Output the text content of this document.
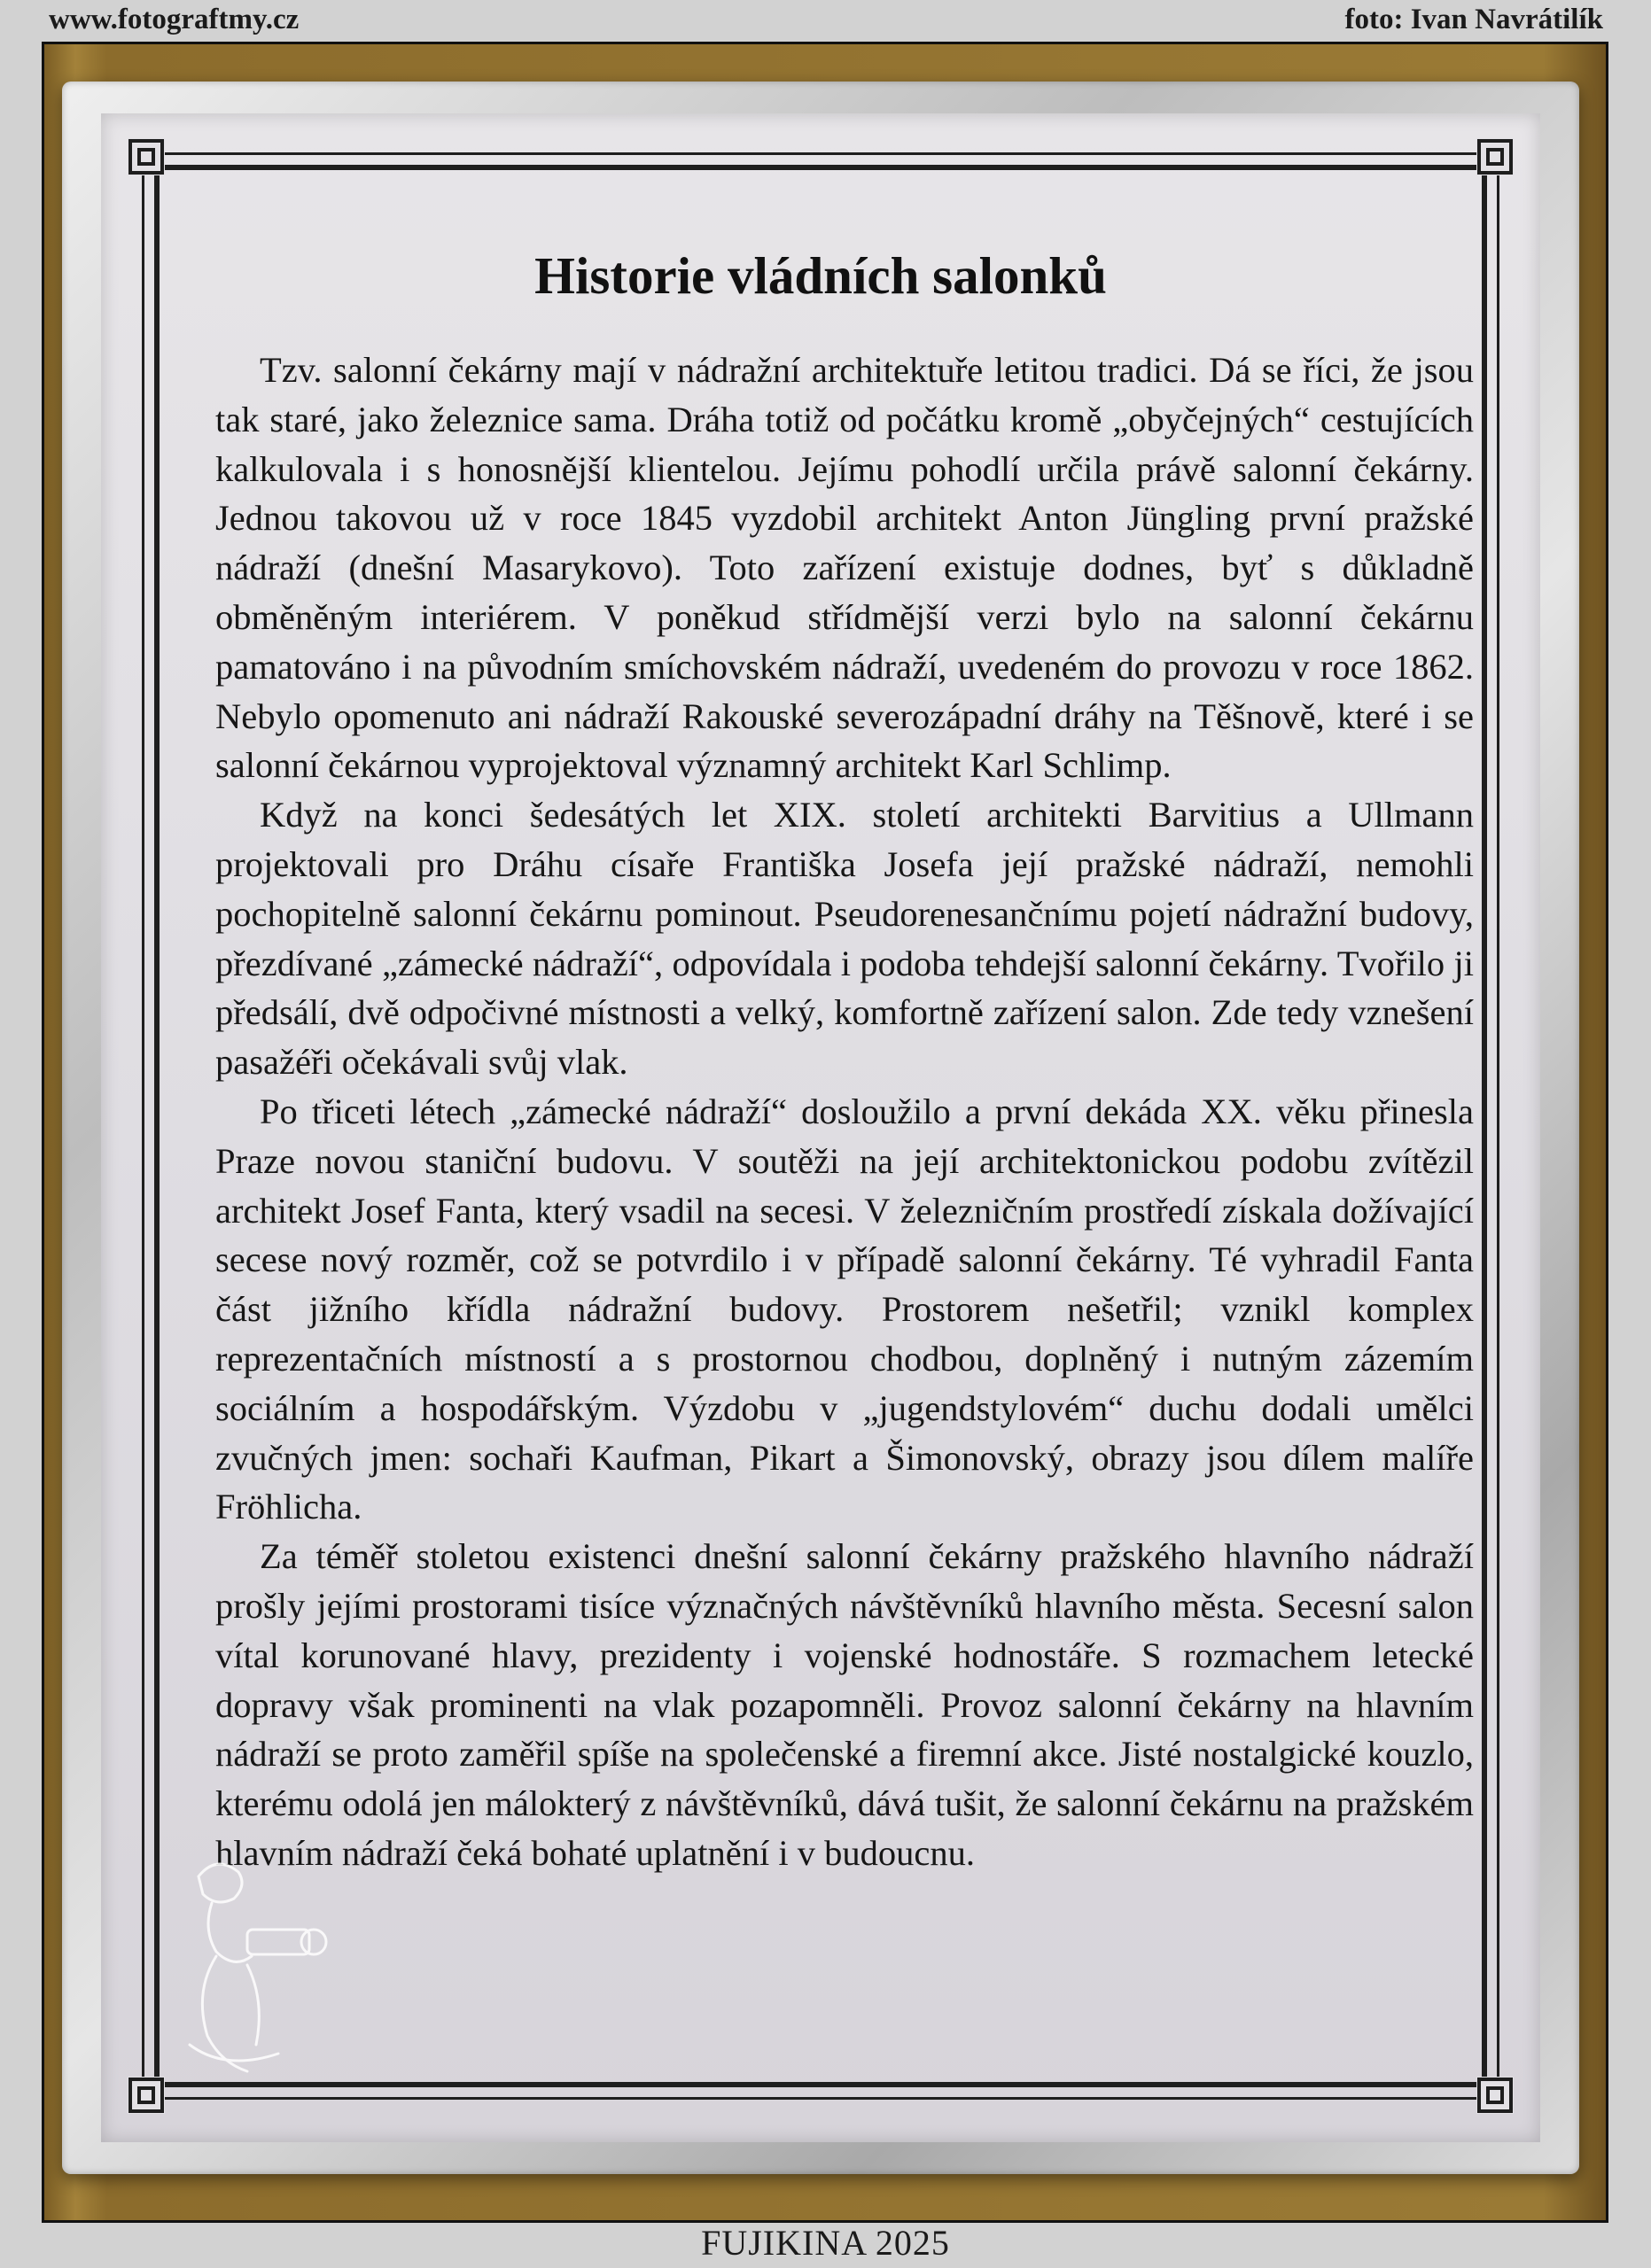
www.fotograftmy.cz	foto: Ivan Navrátilík
Historie vládních salonků

Tzv. salonní čekárny mají v nádražní architektuře letitou tradici. Dá se říci, že jsou tak staré, jako železnice sama. Dráha totiž od počátku kromě „obyčejných“ cestujících kalkulovala i s honosnější klientelou. Jejímu pohodlí určila právě salonní čekárny. Jednou takovou už v roce 1845 vyzdobil architekt Anton Jüngling první pražské nádraží (dnešní Masarykovo). Toto zařízení existuje dodnes, byť s důkladně obměněným interiérem. V poněkud střídmější verzi bylo na salonní čekárnu pamatováno i na původním smíchovském nádraží, uvedeném do provozu v roce 1862. Nebylo opomenuto ani nádraží Rakouské severozápadní dráhy na Těšnově, které i se salonní čekárnou vyprojektoval významný architekt Karl Schlimp.

Když na konci šedesátých let XIX. století architekti Barvitius a Ullmann projektovali pro Dráhu císaře Františka Josefa její pražské nádraží, nemohli pochopitelně salonní čekárnu pominout. Pseudorenesančnímu pojetí nádražní budovy, přezdívané „zámecké nádraží“, odpovídala i podoba tehdejší salonní čekárny. Tvořilo ji předsálí, dvě odpočivné místnosti a velký, komfortně zařízení salon. Zde tedy vznešení pasažéři očekávali svůj vlak.

Po třiceti létech „zámecké nádraží“ dosloužilo a první dekáda XX. věku přinesla Praze novou staniční budovu. V soutěži na její architektonickou podobu zvítězil architekt Josef Fanta, který vsadil na secesi. V železničním prostředí získala dožívající secese nový rozměr, což se potvrdilo i v případě salonní čekárny. Té vyhradil Fanta část jižního křídla nádražní budovy. Prostorem nešetřil; vznikl komplex reprezentačních místností a s prostornou chodbou, doplněný i nutným zázemím sociálním a hospodářským. Výzdobu v „jugendstylovém“ duchu dodali umělci zvučných jmen: sochaři Kaufman, Pikart a Šimonovský, obrazy jsou dílem malíře Fröhlicha.

Za téměř stoletou existenci dnešní salonní čekárny pražského hlavního nádraží prošly jejími prostorami tisíce význačných návštěvníků hlavního města. Secesní salon vítal korunované hlavy, prezidenty i vojenské hodnostáře. S rozmachem letecké dopravy však prominenti na vlak pozapomněli. Provoz salonní čekárny na hlavním nádraží se proto zaměřil spíše na společenské a firemní akce. Jisté nostalgické kouzlo, kterému odolá jen málokterý z návštěvníků, dává tušit, že salonní čekárnu na pražském hlavním nádraží čeká bohaté uplatnění i v budoucnu.

FUJIKINA 2025
